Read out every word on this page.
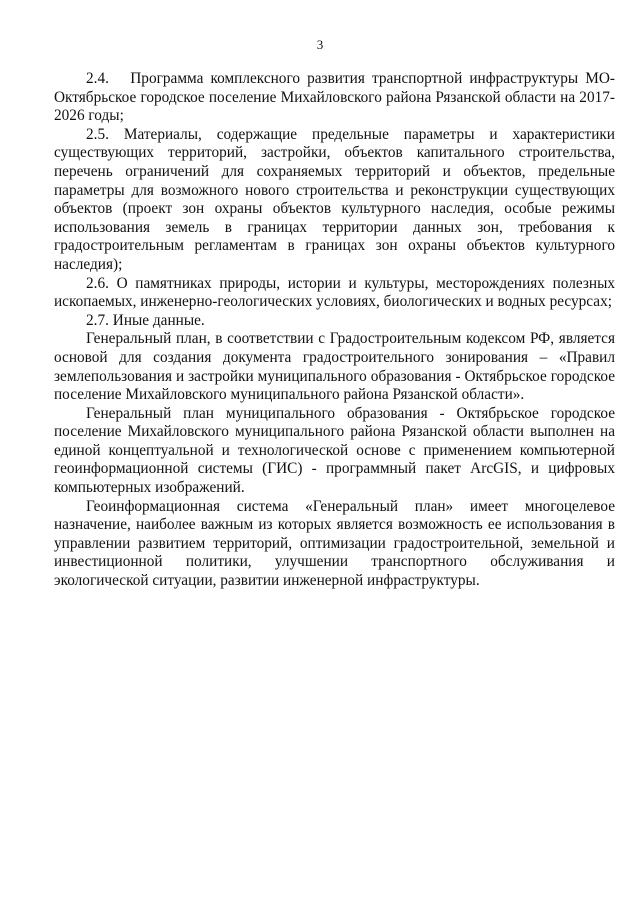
3

2.4.   Программа комплексного развития транспортной инфраструктуры МО-Октябрьское городское поселение Михайловского района Рязанской области на 2017-2026 годы;

2.5. Материалы, содержащие предельные параметры и характеристики существующих территорий, застройки, объектов капитального строительства, перечень ограничений для сохраняемых территорий и объектов, предельные параметры для возможного нового строительства и реконструкции существующих объектов (проект зон охраны объектов культурного наследия, особые режимы использования земель в границах территории данных зон, требования к градостроительным регламентам в границах зон охраны объектов культурного наследия);

2.6. О памятниках природы, истории и культуры, месторождениях полезных ископаемых, инженерно-геологических условиях, биологических и водных ресурсах;

2.7. Иные данные.

Генеральный план, в соответствии с Градостроительным кодексом РФ, является основой для создания документа градостроительного зонирования – «Правил землепользования и застройки муниципального образования - Октябрьское городское поселение Михайловского муниципального района Рязанской области».

Генеральный план муниципального образования - Октябрьское городское поселение Михайловского муниципального района Рязанской области выполнен на единой концептуальной и технологической основе с применением компьютерной геоинформационной системы (ГИС) - программный пакет ArcGIS, и цифровых компьютерных изображений.

Геоинформационная система «Генеральный план» имеет многоцелевое назначение, наиболее важным из которых является возможность ее использования в управлении развитием территорий, оптимизации градостроительной, земельной и инвестиционной политики, улучшении транспортного обслуживания и экологической ситуации, развитии инженерной инфраструктуры.
